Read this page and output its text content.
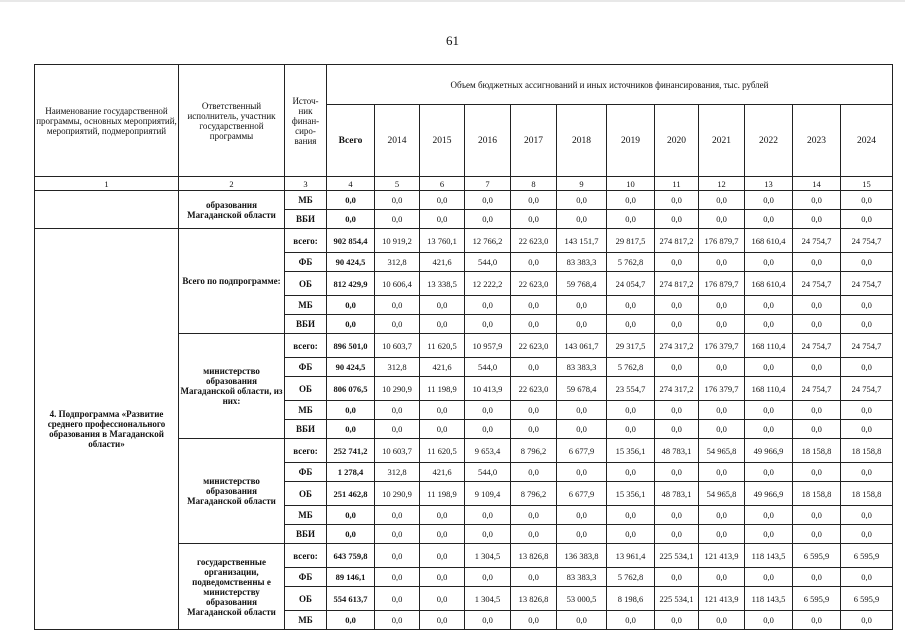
61
Наименование государственной программы, основных мероприятий, мероприятий, подмероприятий	Ответственный исполнитель, участник государственной программы	Источ-ник финан-сиро-вания	Объем бюджетных ассигнований и иных источников финансирования, тыс. рублей											
			Всего	2014	2015	2016	2017	2018	2019	2020	2021	2022	2023	2024
1	2	3	4	5	6	7	8	9	10	11	12	13	14	15
	образования Магаданской области	МБ	0,0	0,0	0,0	0,0	0,0	0,0	0,0	0,0	0,0	0,0	0,0	0,0
		ВБИ	0,0	0,0	0,0	0,0	0,0	0,0	0,0	0,0	0,0	0,0	0,0	0,0
4. Подпрограмма «Развитие среднего профессионального образования в Магаданской области»	Всего по подпрограмме:	всего:	902 854,4	10 919,2	13 760,1	12 766,2	22 623,0	143 151,7	29 817,5	274 817,2	176 879,7	168 610,4	24 754,7	24 754,7
		ФБ	90 424,5	312,8	421,6	544,0	0,0	83 383,3	5 762,8	0,0	0,0	0,0	0,0	0,0
		ОБ	812 429,9	10 606,4	13 338,5	12 222,2	22 623,0	59 768,4	24 054,7	274 817,2	176 879,7	168 610,4	24 754,7	24 754,7
		МБ	0,0	0,0	0,0	0,0	0,0	0,0	0,0	0,0	0,0	0,0	0,0	0,0
		ВБИ	0,0	0,0	0,0	0,0	0,0	0,0	0,0	0,0	0,0	0,0	0,0	0,0
	министерство образования Магаданской области, из них:	всего:	896 501,0	10 603,7	11 620,5	10 957,9	22 623,0	143 061,7	29 317,5	274 317,2	176 379,7	168 110,4	24 754,7	24 754,7
		ФБ	90 424,5	312,8	421,6	544,0	0,0	83 383,3	5 762,8	0,0	0,0	0,0	0,0	0,0
		ОБ	806 076,5	10 290,9	11 198,9	10 413,9	22 623,0	59 678,4	23 554,7	274 317,2	176 379,7	168 110,4	24 754,7	24 754,7
		МБ	0,0	0,0	0,0	0,0	0,0	0,0	0,0	0,0	0,0	0,0	0,0	0,0
		ВБИ	0,0	0,0	0,0	0,0	0,0	0,0	0,0	0,0	0,0	0,0	0,0	0,0
	министерство образования Магаданской области	всего:	252 741,2	10 603,7	11 620,5	9 653,4	8 796,2	6 677,9	15 356,1	48 783,1	54 965,8	49 966,9	18 158,8	18 158,8
		ФБ	1 278,4	312,8	421,6	544,0	0,0	0,0	0,0	0,0	0,0	0,0	0,0	0,0
		ОБ	251 462,8	10 290,9	11 198,9	9 109,4	8 796,2	6 677,9	15 356,1	48 783,1	54 965,8	49 966,9	18 158,8	18 158,8
		МБ	0,0	0,0	0,0	0,0	0,0	0,0	0,0	0,0	0,0	0,0	0,0	0,0
		ВБИ	0,0	0,0	0,0	0,0	0,0	0,0	0,0	0,0	0,0	0,0	0,0	0,0
	государственные организации, подведомственны е министерству образования Магаданской области	всего:	643 759,8	0,0	0,0	1 304,5	13 826,8	136 383,8	13 961,4	225 534,1	121 413,9	118 143,5	6 595,9	6 595,9
		ФБ	89 146,1	0,0	0,0	0,0	0,0	83 383,3	5 762,8	0,0	0,0	0,0	0,0	0,0
		ОБ	554 613,7	0,0	0,0	1 304,5	13 826,8	53 000,5	8 198,6	225 534,1	121 413,9	118 143,5	6 595,9	6 595,9
		МБ	0,0	0,0	0,0	0,0	0,0	0,0	0,0	0,0	0,0	0,0	0,0	0,0
